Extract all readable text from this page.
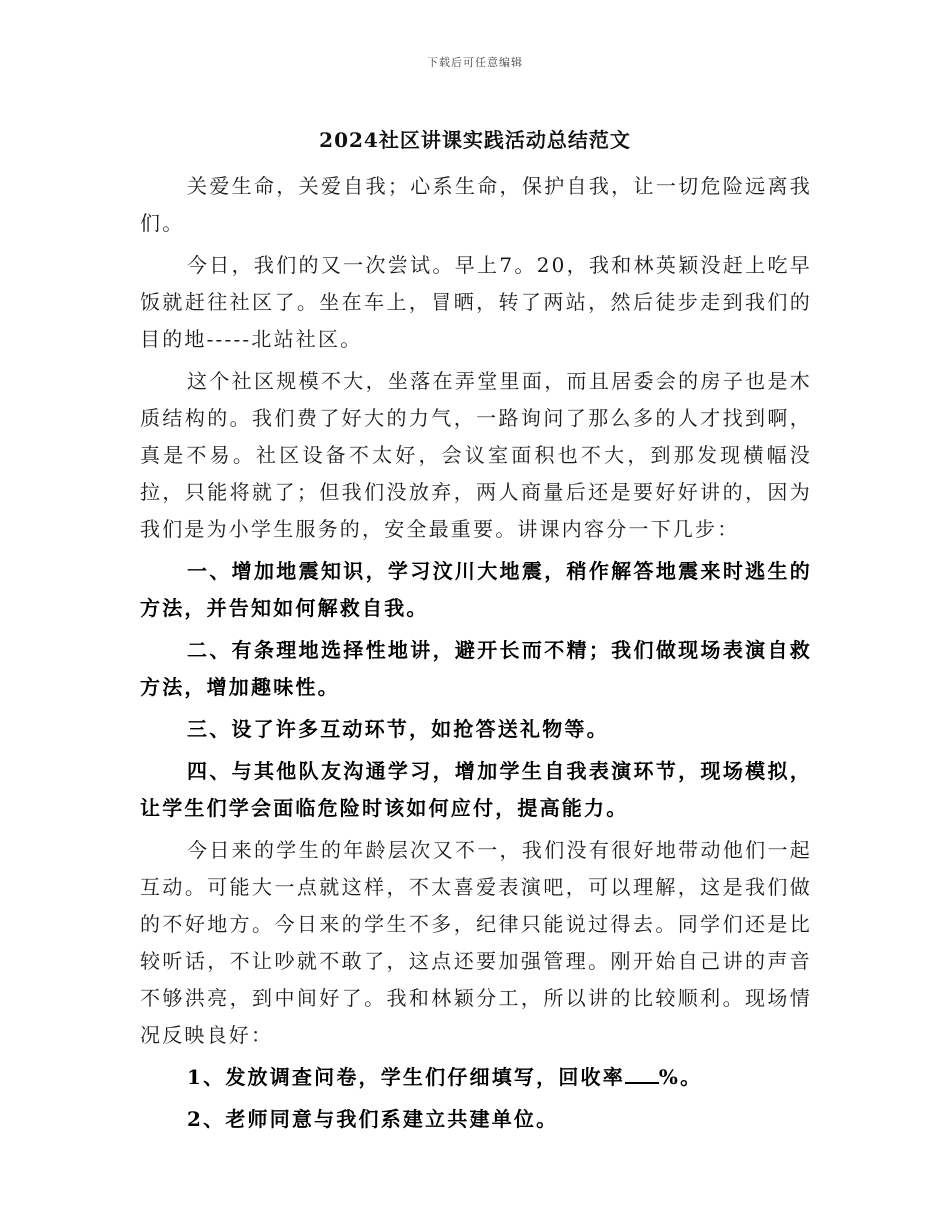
下载后可任意编辑
2024社区讲课实践活动总结范文

关爱生命，关爱自我；心系生命，保护自我，让一切危险远离我们。

今日，我们的又一次尝试。早上7。20，我和林英颖没赶上吃早饭就赶往社区了。坐在车上，冒晒，转了两站，然后徒步走到我们的目的地-----北站社区。

这个社区规模不大，坐落在弄堂里面，而且居委会的房子也是木质结构的。我们费了好大的力气，一路询问了那么多的人才找到啊，真是不易。社区设备不太好，会议室面积也不大，到那发现横幅没拉，只能将就了；但我们没放弃，两人商量后还是要好好讲的，因为我们是为小学生服务的，安全最重要。讲课内容分一下几步：

一、增加地震知识，学习汶川大地震，稍作解答地震来时逃生的方法，并告知如何解救自我。

二、有条理地选择性地讲，避开长而不精；我们做现场表演自救方法，增加趣味性。

三、设了许多互动环节，如抢答送礼物等。

四、与其他队友沟通学习，增加学生自我表演环节，现场模拟，让学生们学会面临危险时该如何应付，提高能力。

今日来的学生的年龄层次又不一，我们没有很好地带动他们一起互动。可能大一点就这样，不太喜爱表演吧，可以理解，这是我们做的不好地方。今日来的学生不多，纪律只能说过得去。同学们还是比较听话，不让吵就不敢了，这点还要加强管理。刚开始自己讲的声音不够洪亮，到中间好了。我和林颖分工，所以讲的比较顺利。现场情况反映良好：

1、发放调查问卷，学生们仔细填写，回收率 %。

2、老师同意与我们系建立共建单位。
